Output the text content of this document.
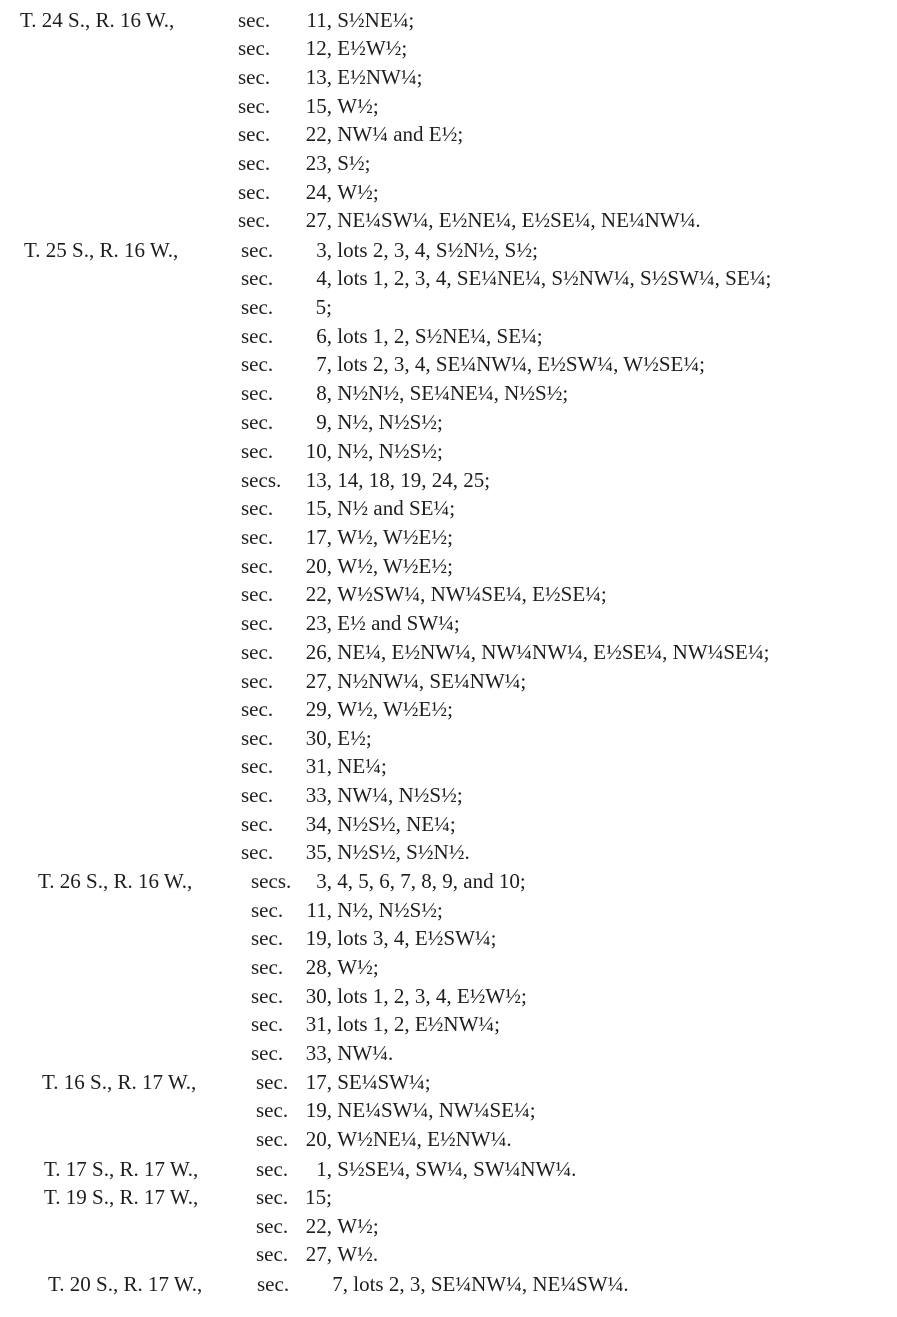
T. 24 S., R. 16 W.,	sec. 11, S½NE¼;
sec. 12, E½W½;
sec. 13, E½NW¼;
sec. 15, W½;
sec. 22, NW¼ and E½;
sec. 23, S½;
sec. 24, W½;
sec. 27, NE¼SW¼, E½NE¼, E½SE¼, NE¼NW¼.
T. 25 S., R. 16 W.,	sec.	3, lots 2, 3, 4, S½N½, S½;
sec.	4, lots 1, 2, 3, 4, SE¼NE¼, S½NW¼, S½SW¼, SE¼;
sec.	5;
sec.	6, lots 1, 2, S½NE¼, SE¼;
sec.	7, lots 2, 3, 4, SE¼NW¼, E½SW¼, W½SE¼;
sec.	8, N½N½, SE¼NE¼, N½S½;
sec.	9, N½, N½S½;
sec. 10, N½, N½S½;
secs. 13, 14, 18, 19, 24, 25;
sec. 15, N½ and SE¼;
sec. 17, W½, W½E½;
sec. 20, W½, W½E½;
sec. 22, W½SW¼, NW¼SE¼, E½SE¼;
sec. 23, E½ and SW¼;
sec. 26, NE¼, E½NW¼, NW¼NW¼, E½SE¼, NW¼SE¼;
sec. 27, N½NW¼, SE¼NW¼;
sec. 29, W½, W½E½;
sec. 30, E½;
sec. 31, NE¼;
sec. 33, NW¼, N½S½;
sec. 34, N½S½, NE¼;
sec. 35, N½S½, S½N½.
T. 26 S., R. 16 W.,	secs.	3, 4, 5, 6, 7, 8, 9, and 10;
sec. 11, N½, N½S½;
sec. 19, lots 3, 4, E½SW¼;
sec. 28, W½;
sec. 30, lots 1, 2, 3, 4, E½W½;
sec. 31, lots 1, 2, E½NW¼;
sec. 33, NW¼.
T. 16 S., R. 17 W.,	sec. 17, SE¼SW¼;
sec. 19, NE¼SW¼, NW¼SE¼;
sec. 20, W½NE¼, E½NW¼.
T. 17 S., R. 17 W.,	sec.	1, S½SE¼, SW¼, SW¼NW¼.
T. 19 S., R. 17 W.,	sec. 15;
sec. 22, W½;
sec. 27, W½.
T. 20 S., R. 17 W.,	sec.	7, lots 2, 3, SE¼NW¼, NE¼SW¼.
